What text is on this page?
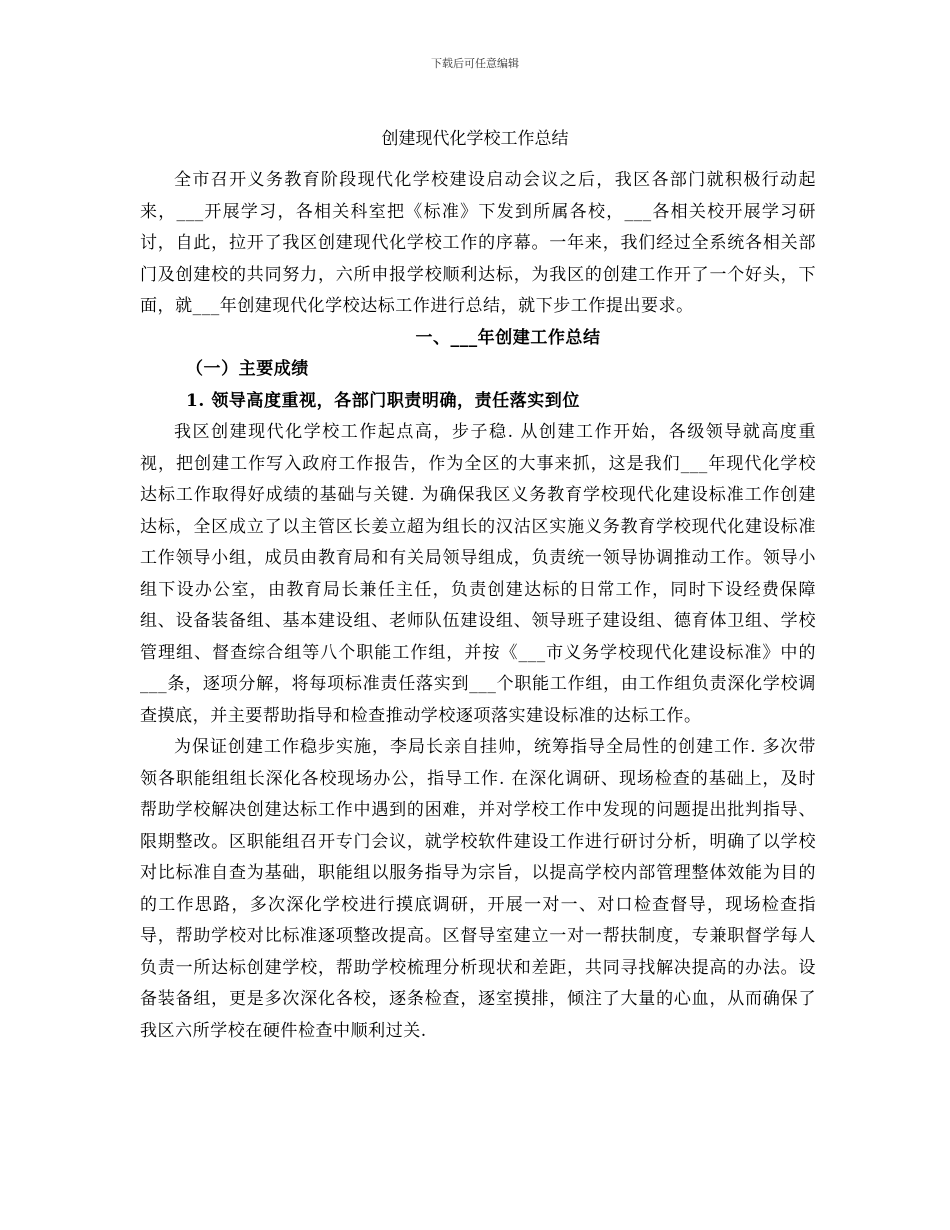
下载后可任意编辑
创建现代化学校工作总结

全市召开义务教育阶段现代化学校建设启动会议之后，我区各部门就积极行动起来，___开展学习，各相关科室把《标准》下发到所属各校，___各相关校开展学习研讨，自此，拉开了我区创建现代化学校工作的序幕。一年来，我们经过全系统各相关部门及创建校的共同努力，六所申报学校顺利达标，为我区的创建工作开了一个好头，下面，就___年创建现代化学校达标工作进行总结，就下步工作提出要求。

一、___年创建工作总结

（一）主要成绩

1. 领导高度重视，各部门职责明确，责任落实到位

我区创建现代化学校工作起点高，步子稳. 从创建工作开始，各级领导就高度重视，把创建工作写入政府工作报告，作为全区的大事来抓，这是我们___年现代化学校达标工作取得好成绩的基础与关键. 为确保我区义务教育学校现代化建设标准工作创建达标，全区成立了以主管区长姜立超为组长的汉沽区实施义务教育学校现代化建设标准工作领导小组，成员由教育局和有关局领导组成，负责统一领导协调推动工作。领导小组下设办公室，由教育局长兼任主任，负责创建达标的日常工作，同时下设经费保障组、设备装备组、基本建设组、老师队伍建设组、领导班子建设组、德育体卫组、学校管理组、督查综合组等八个职能工作组，并按《___市义务学校现代化建设标准》中的___条，逐项分解，将每项标准责任落实到___个职能工作组，由工作组负责深化学校调查摸底，并主要帮助指导和检查推动学校逐项落实建设标准的达标工作。

为保证创建工作稳步实施，李局长亲自挂帅，统筹指导全局性的创建工作. 多次带领各职能组组长深化各校现场办公，指导工作. 在深化调研、现场检查的基础上，及时帮助学校解决创建达标工作中遇到的困难，并对学校工作中发现的问题提出批判指导、限期整改。区职能组召开专门会议，就学校软件建设工作进行研讨分析，明确了以学校对比标准自查为基础，职能组以服务指导为宗旨，以提高学校内部管理整体效能为目的的工作思路，多次深化学校进行摸底调研，开展一对一、对口检查督导，现场检查指导，帮助学校对比标准逐项整改提高。区督导室建立一对一帮扶制度，专兼职督学每人负责一所达标创建学校，帮助学校梳理分析现状和差距，共同寻找解决提高的办法。设备装备组，更是多次深化各校，逐条检查，逐室摸排，倾注了大量的心血，从而确保了我区六所学校在硬件检查中顺利过关.
